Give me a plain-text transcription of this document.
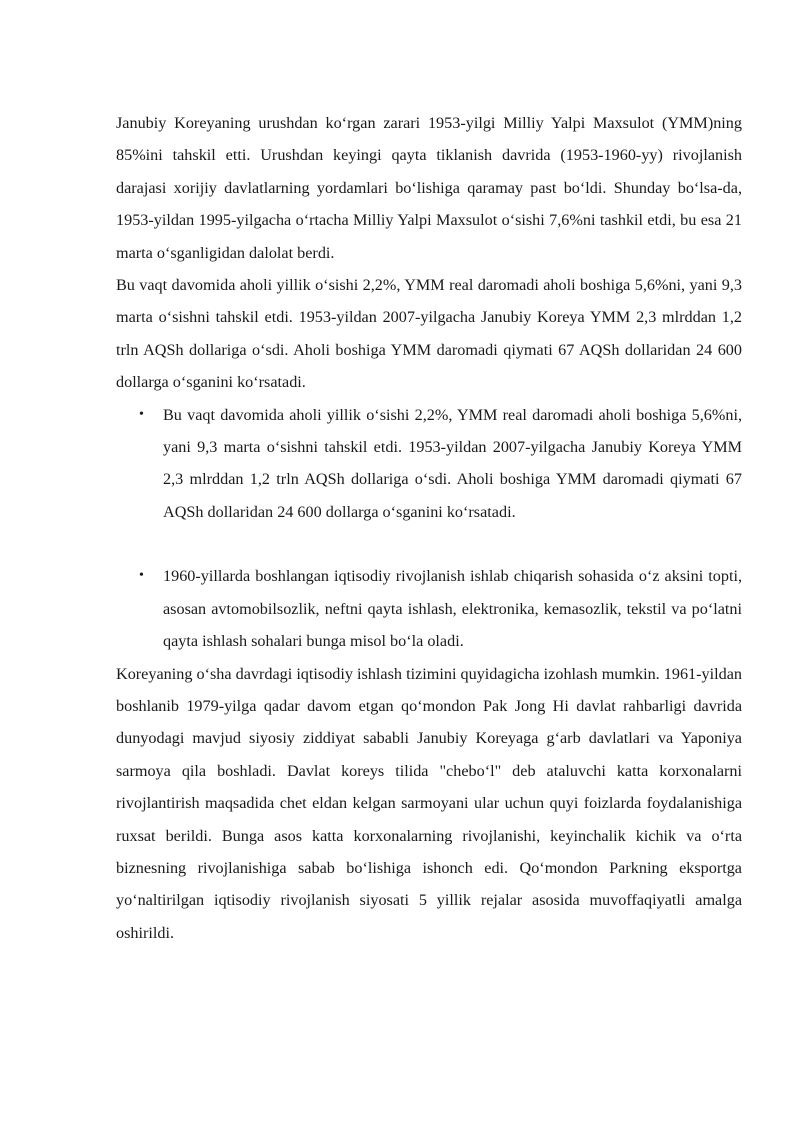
Janubiy Koreyaning urushdan koʻrgan zarari 1953-yilgi Milliy Yalpi Maxsulot (YMM)ning 85%ini tahskil etti. Urushdan keyingi qayta tiklanish davrida (1953-1960-yy) rivojlanish darajasi xorijiy davlatlarning yordamlari boʻlishiga qaramay past boʻldi. Shunday boʻlsa-da, 1953-yildan 1995-yilgacha oʻrtacha Milliy Yalpi Maxsulot oʻsishi 7,6%ni tashkil etdi, bu esa 21 marta oʻsganligidan dalolat berdi.

Bu vaqt davomida aholi yillik oʻsishi 2,2%, YMM real daromadi aholi boshiga 5,6%ni, yani 9,3 marta oʻsishni tahskil etdi. 1953-yildan 2007-yilgacha Janubiy Koreya YMM 2,3 mlrddan 1,2 trln AQSh dollariga oʻsdi. Aholi boshiga YMM daromadi qiymati 67 AQSh dollaridan 24 600 dollarga oʻsganini koʻrsatadi.

• Bu vaqt davomida aholi yillik oʻsishi 2,2%, YMM real daromadi aholi boshiga 5,6%ni, yani 9,3 marta oʻsishni tahskil etdi. 1953-yildan 2007-yilgacha Janubiy Koreya YMM 2,3 mlrddan 1,2 trln AQSh dollariga oʻsdi. Aholi boshiga YMM daromadi qiymati 67 AQSh dollaridan 24 600 dollarga oʻsganini koʻrsatadi.
• 1960-yillarda boshlangan iqtisodiy rivojlanish ishlab chiqarish sohasida oʻz aksini topti, asosan avtomobilsozlik, neftni qayta ishlash, elektronika, kemasozlik, tekstil va poʻlatni qayta ishlash sohalari bunga misol boʻla oladi.

Koreyaning oʻsha davrdagi iqtisodiy ishlash tizimini quyidagicha izohlash mumkin. 1961-yildan boshlanib 1979-yilga qadar davom etgan qoʻmondon Pak Jong Hi davlat rahbarligi davrida dunyodagi mavjud siyosiy ziddiyat sababli Janubiy Koreyaga gʻarb davlatlari va Yaponiya sarmoya qila boshladi. Davlat koreys tilida "cheboʻl" deb ataluvchi katta korxonalarni rivojlantirish maqsadida chet eldan kelgan sarmoyani ular uchun quyi foizlarda foydalanishiga ruxsat berildi. Bunga asos katta korxonalarning rivojlanishi, keyinchalik kichik va oʻrta biznesning rivojlanishiga sabab boʻlishiga ishonch edi. Qoʻmondon Parkning eksportga yoʻnaltirilgan iqtisodiy rivojlanish siyosati 5 yillik rejalar asosida muvoffaqiyatli amalga oshirildi.
